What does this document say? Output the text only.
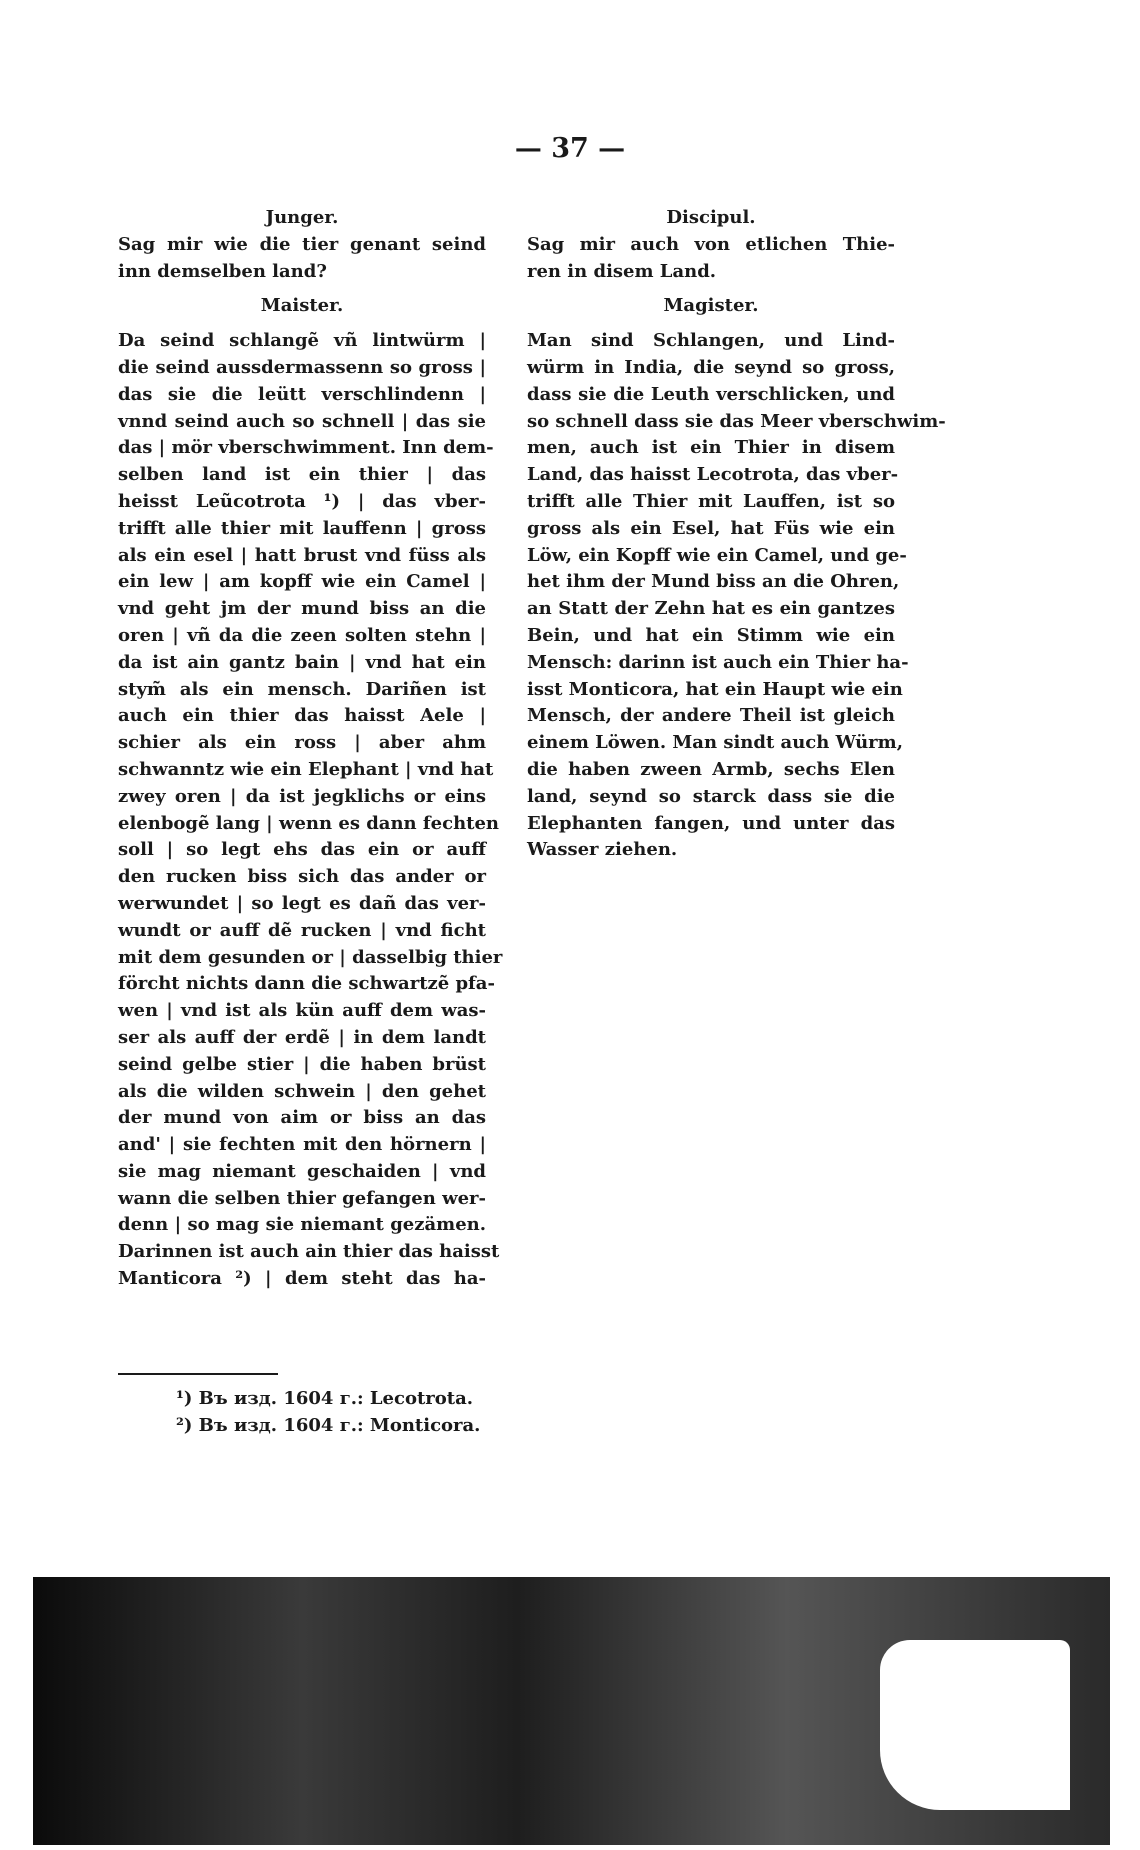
— 37 —

Junger.

Sag mir wie die tier genant seind
inn demselben land?

Maister.

Da seind schlangẽ vñ lintwürm |
die seind aussdermassenn so gross |
das sie die leütt verschlindenn |
vnnd seind auch so schnell | das sie
das | mör vberschwimment. Inn dem-
selben land ist ein thier | das
heisst Leũcotrota ¹) | das vber-
trifft alle thier mit lauffenn | gross
als ein esel | hatt brust vnd füss als
ein lew | am kopff wie ein Camel |
vnd geht jm der mund biss an die
oren | vñ da die zeen solten stehn |
da ist ain gantz bain | vnd hat ein
stym̃ als ein mensch. Dariñen ist
auch ein thier das haisst Aele |
schier als ein ross | aber ahm
schwanntz wie ein Elephant | vnd hat
zwey oren | da ist jegklichs or eins
elenbogẽ lang | wenn es dann fechten
soll | so legt ehs das ein or auff
den rucken biss sich das ander or
werwundet | so legt es dañ das ver-
wundt or auff dẽ rucken | vnd ficht
mit dem gesunden or | dasselbig thier
förcht nichts dann die schwartzẽ pfa-
wen | vnd ist als kün auff dem was-
ser als auff der erdẽ | in dem landt
seind gelbe stier | die haben brüst
als die wilden schwein | den gehet
der mund von aim or biss an das
and' | sie fechten mit den hörnern |
sie mag niemant geschaiden | vnd
wann die selben thier gefangen wer-
denn | so mag sie niemant gezämen.
Darinnen ist auch ain thier das haisst
Manticora ²) | dem steht das ha-

Discipul.

Sag mir auch von etlichen Thie-
ren in disem Land.

Magister.

Man sind Schlangen, und Lind-
würm in India, die seynd so gross,
dass sie die Leuth verschlicken, und
so schnell dass sie das Meer vberschwim-
men, auch ist ein Thier in disem
Land, das haisst Lecotrota, das vber-
trifft alle Thier mit Lauffen, ist so
gross als ein Esel, hat Füs wie ein
Löw, ein Kopff wie ein Camel, und ge-
het ihm der Mund biss an die Ohren,
an Statt der Zehn hat es ein gantzes
Bein, und hat ein Stimm wie ein
Mensch: darinn ist auch ein Thier ha-
isst Monticora, hat ein Haupt wie ein
Mensch, der andere Theil ist gleich
einem Löwen. Man sindt auch Würm,
die haben zween Armb, sechs Elen
land, seynd so starck dass sie die
Elephanten fangen, und unter das
Wasser ziehen.

¹) Въ изд. 1604 г.: Lecotrota.
²) Въ изд. 1604 г.: Monticora.
